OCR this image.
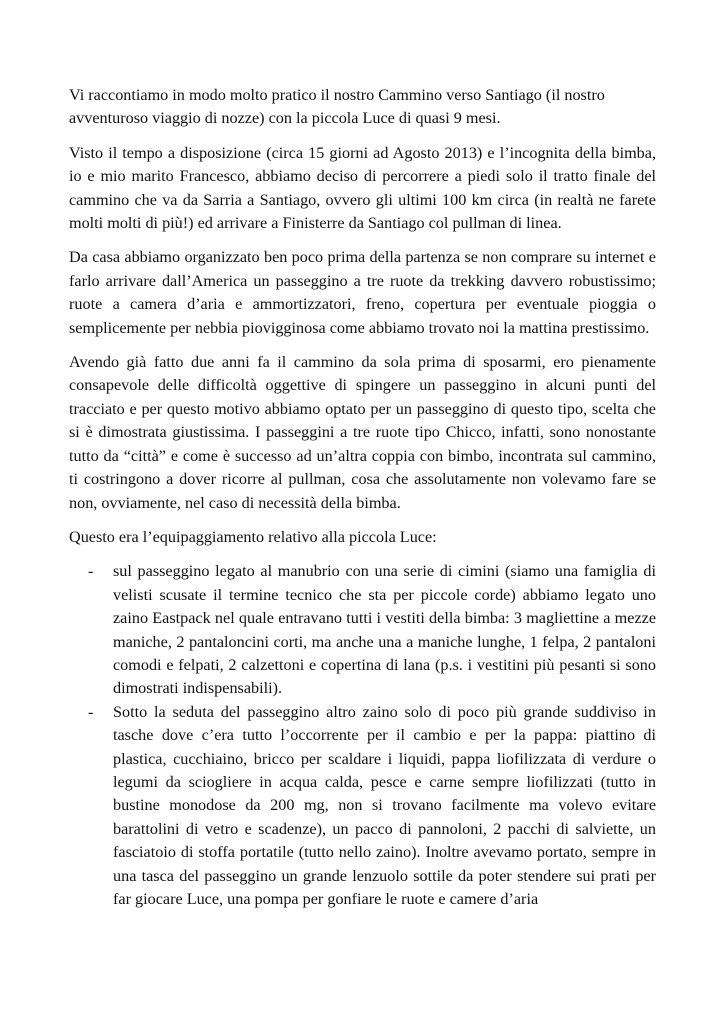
Vi raccontiamo in modo molto pratico il nostro Cammino verso Santiago (il nostro avventuroso viaggio di nozze) con la piccola Luce di quasi 9 mesi.

Visto il tempo a disposizione (circa 15 giorni ad Agosto 2013) e l’incognita della bimba, io e mio marito Francesco, abbiamo deciso di percorrere a piedi solo il tratto finale del cammino che va da Sarria a Santiago, ovvero gli ultimi 100 km circa (in realtà ne farete molti molti di più!) ed arrivare a Finisterre da Santiago col pullman di linea.

Da casa abbiamo organizzato ben poco prima della partenza se non comprare su internet e farlo arrivare dall’America un passeggino a tre ruote da trekking davvero robustissimo; ruote a camera d’aria e ammortizzatori, freno, copertura per eventuale pioggia o semplicemente per nebbia piovigginosa come abbiamo trovato noi la mattina prestissimo.

Avendo già fatto due anni fa il cammino da sola prima di sposarmi, ero pienamente consapevole delle difficoltà oggettive di spingere un passeggino in alcuni punti del tracciato e per questo motivo abbiamo optato per un passeggino di questo tipo, scelta che si è dimostrata giustissima. I passeggini a tre ruote tipo Chicco, infatti, sono nonostante tutto da “città” e come è successo ad un’altra coppia con bimbo, incontrata sul cammino, ti costringono a dover ricorre al pullman, cosa che assolutamente non volevamo fare se non, ovviamente, nel caso di necessità della bimba.

Questo era l’equipaggiamento relativo alla piccola Luce:

- sul passeggino legato al manubrio con una serie di cimini (siamo una famiglia di velisti scusate il termine tecnico che sta per piccole corde) abbiamo legato uno zaino Eastpack nel quale entravano tutti i vestiti della bimba: 3 magliettine a mezze maniche, 2 pantaloncini corti, ma anche una a maniche lunghe, 1 felpa, 2 pantaloni comodi e felpati, 2 calzettoni e copertina di lana (p.s. i vestitini più pesanti si sono dimostrati indispensabili).
- Sotto la seduta del passeggino altro zaino solo di poco più grande suddiviso in tasche dove c’era tutto l’occorrente per il cambio e per la pappa: piattino di plastica, cucchiaino, bricco per scaldare i liquidi, pappa liofilizzata di verdure o legumi da sciogliere in acqua calda, pesce e carne sempre liofilizzati (tutto in bustine monodose da 200 mg, non si trovano facilmente ma volevo evitare barattolini di vetro e scadenze), un pacco di pannoloni, 2 pacchi di salviette, un fasciatoio di stoffa portatile (tutto nello zaino). Inoltre avevamo portato, sempre in una tasca del passeggino un grande lenzuolo sottile da poter stendere sui prati per far giocare Luce, una pompa per gonfiare le ruote e camere d’aria
